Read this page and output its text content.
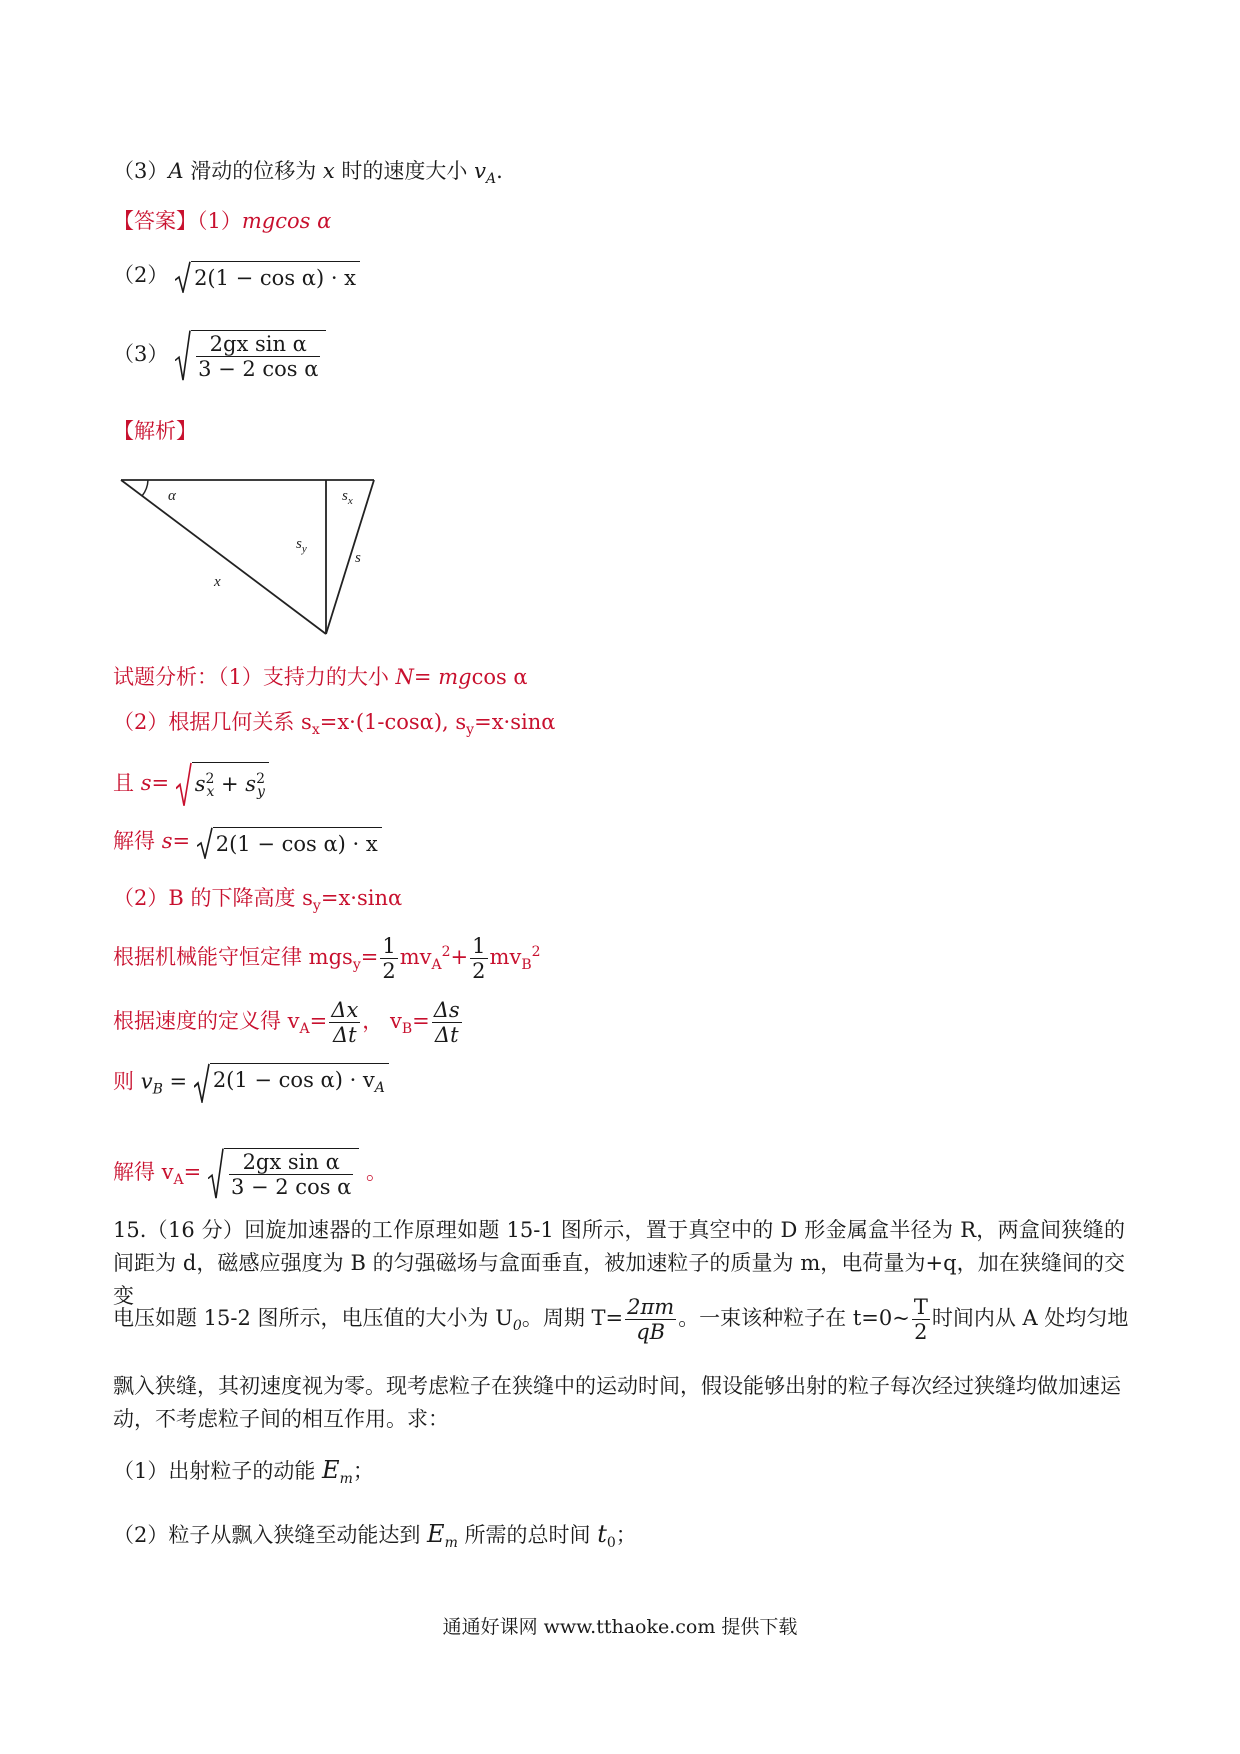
（3）A 滑动的位移为 x 时的速度大小 $v_A$.
【答案】（1）mgcos α
（2） 2(1 − cos α) · x
$(3) \frac{\text{2gx sin α}}{\text{3 − 2 cos α}}$
【解析】
α
x
$s_y$
$s_x$
s
试题分析：（1）支持力的大小 N= mgcos α
（2）根据几何关系 $s_x=x\cdot(1-\cos\alpha)$, $s_y=x\cdot\sin\alpha$
且 $s= s^2_x + s^2_y$
解得 s= 2(1 − cos α) · x
（2）B 的下降高度 $s_y=x\cdot\sin\alpha$
根据机械能守恒定律 $mgs_y= \frac{1}{2} mv_A^2+ \frac{1}{2} mv_B^2$
根据速度的定义得 $v_A= \frac{\Delta x}{\Delta t}$ ， $v_B= \frac{\Delta s}{\Delta t}$
则 $v_B = 2(1 - \cos \alpha) \cdot v_A$
解得 $v_A= \frac{\text{2gx sin α}}{\text{3 − 2 cos α}}$ 。
15.（16 分）回旋加速器的工作原理如题 15-1 图所示，置于真空中的 D 形金属盒半径为 R，两盒间狭缝的间距为 d，磁感应强度为 B 的匀强磁场与盒面垂直，被加速粒子的质量为 m，电荷量为+q，加在狭缝间的交变
电压如题 15-2 图所示，电压值的大小为 $U_0$。周期 $T= \frac{2\pi m}{qB}$ 。一束该种粒子在 t=0~ $\frac{T}{2}$ 时间内从 A 处均匀地
飘入狭缝，其初速度视为零。现考虑粒子在狭缝中的运动时间，假设能够出射的粒子每次经过狭缝均做加速运动，不考虑粒子间的相互作用。求：
（1）出射粒子的动能 $E_m$；
（2）粒子从飘入狭缝至动能达到 $E_m$ 所需的总时间 $t_0$；
通通好课网 www.tthaoke.com 提供下载
